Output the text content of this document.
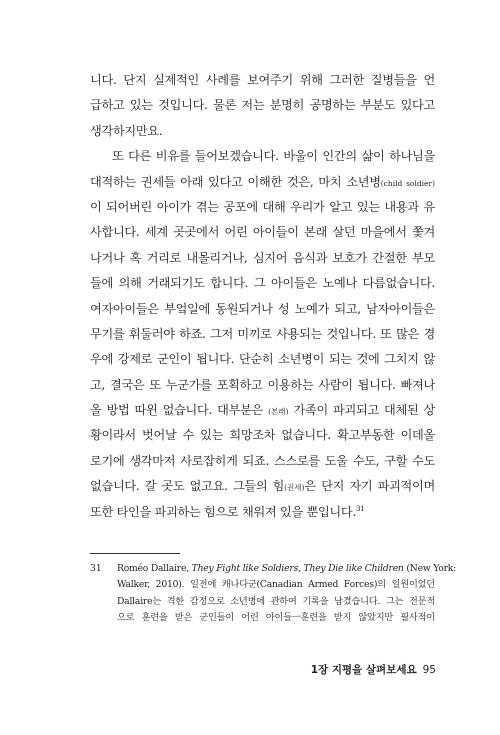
니다. 단지 실제적인 사례를 보여주기 위해 그러한 질병들을 언
급하고 있는 것입니다. 물론 저는 분명히 공명하는 부분도 있다고
생각하지만요.
또 다른 비유를 들어보겠습니다. 바울이 인간의 삶이 하나님을
대적하는 권세들 아래 있다고 이해한 것은, 마치 소년병(child soldier)
이 되어버린 아이가 겪는 공포에 대해 우리가 알고 있는 내용과 유
사합니다. 세계 곳곳에서 어린 아이들이 본래 살던 마을에서 쫓겨
나거나 혹 거리로 내몰리거나, 심지어 음식과 보호가 간절한 부모
들에 의해 거래되기도 합니다. 그 아이들은 노예나 다름없습니다.
여자아이들은 부엌일에 동원되거나 성 노예가 되고, 남자아이들은
무기를 휘둘러야 하죠. 그저 미끼로 사용되는 것입니다. 또 많은 경
우에 강제로 군인이 됩니다. 단순히 소년병이 되는 것에 그치지 않
고, 결국은 또 누군가를 포획하고 이용하는 사람이 됩니다. 빠져나
올 방법 따윈 없습니다. 대부분은 (본래) 가족이 파괴되고 대체된 상
황이라서 벗어날 수 있는 희망조차 없습니다. 확고부동한 이데올
로기에 생각마저 사로잡히게 되죠. 스스로를 도울 수도, 구할 수도
없습니다. 갈 곳도 없고요. 그들의 힘(권세)은 단지 자기 파괴적이며
또한 타인을 파괴하는 힘으로 채워져 있을 뿐입니다.$^{31}$
31	Roméo Dallaire, They Fight like Soldiers, They Die like Children (New York:
Walker, 2010). 일전에 캐나다군(Canadian Armed Forces)의 일원이었던
Dallaire는 격한 감정으로 소년병에 관하여 기록을 남겼습니다. 그는 전문적
으로 훈련을 받은 군인들이 어린 아이들ㅡ훈련을 받지 않았지만 필사적이
1장 지평을 살펴보세요 95
